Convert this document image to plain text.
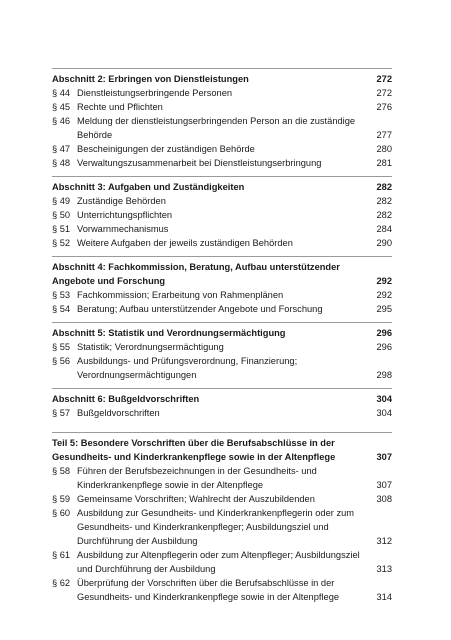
Abschnitt 2: Erbringen von Dienstleistungen	272
§ 44 Dienstleistungserbringende Personen	272
§ 45 Rechte und Pflichten	276
§ 46 Meldung der dienstleistungserbringenden Person an die zuständige Behörde	277
§ 47 Bescheinigungen der zuständigen Behörde	280
§ 48 Verwaltungszusammenarbeit bei Dienstleistungserbringung	281
Abschnitt 3: Aufgaben und Zuständigkeiten	282
§ 49 Zuständige Behörden	282
§ 50 Unterrichtungspflichten	282
§ 51 Vorwarnmechanismus	284
§ 52 Weitere Aufgaben der jeweils zuständigen Behörden	290
Abschnitt 4: Fachkommission, Beratung, Aufbau unterstützender Angebote und Forschung	292
§ 53 Fachkommission; Erarbeitung von Rahmenplänen	292
§ 54 Beratung; Aufbau unterstützender Angebote und Forschung	295
Abschnitt 5: Statistik und Verordnungsermächtigung	296
§ 55 Statistik; Verordnungsermächtigung	296
§ 56 Ausbildungs- und Prüfungsverordnung, Finanzierung; Verordnungsermächtigungen	298
Abschnitt 6: Bußgeldvorschriften	304
§ 57 Bußgeldvorschriften	304
Teil 5: Besondere Vorschriften über die Berufsabschlüsse in der Gesundheits- und Kinderkrankenpflege sowie in der Altenpflege	307
§ 58 Führen der Berufsbezeichnungen in der Gesundheits- und Kinderkrankenpflege sowie in der Altenpflege	307
§ 59 Gemeinsame Vorschriften; Wahlrecht der Auszubildenden	308
§ 60 Ausbildung zur Gesundheits- und Kinderkrankenpflegerin oder zum Gesundheits- und Kinderkrankenpfleger; Ausbildungsziel und Durchführung der Ausbildung	312
§ 61 Ausbildung zur Altenpflegerin oder zum Altenpfleger; Ausbildungsziel und Durchführung der Ausbildung	313
§ 62 Überprüfung der Vorschriften über die Berufsabschlüsse in der Gesundheits- und Kinderkrankenpflege sowie in der Altenpflege	314
